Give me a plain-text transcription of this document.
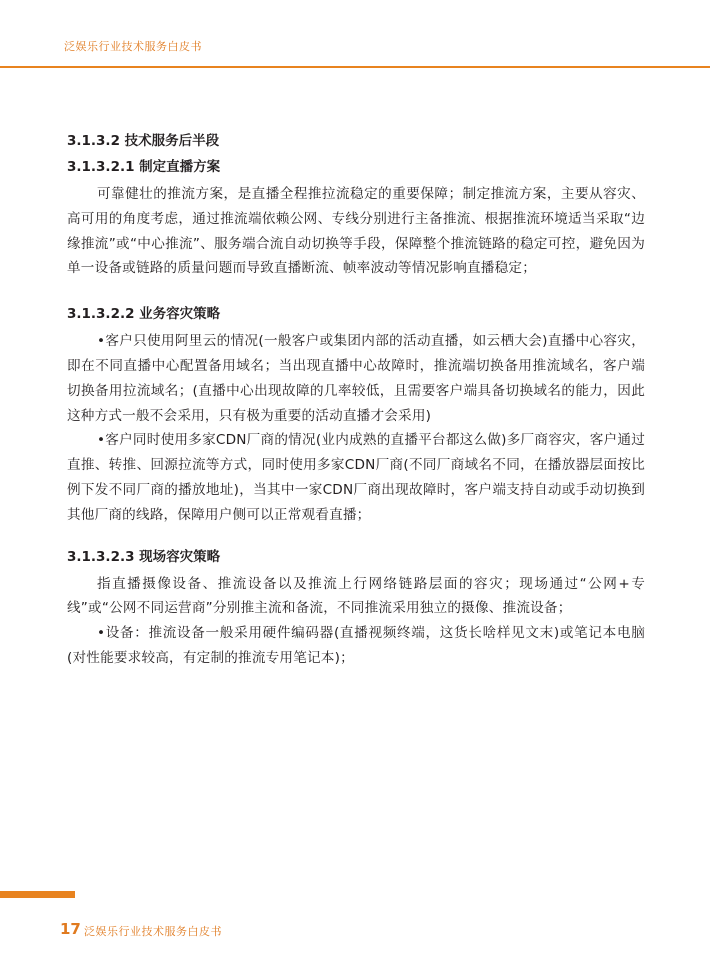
泛娱乐行业技术服务白皮书
3.1.3.2 技术服务后半段
3.1.3.2.1 制定直播方案

可靠健壮的推流方案，是直播全程推拉流稳定的重要保障；制定推流方案，主要从容灾、高可用的角度考虑，通过推流端依赖公网、专线分别进行主备推流、根据推流环境适当采取“边缘推流”或“中心推流”、服务端合流自动切换等手段，保障整个推流链路的稳定可控，避免因为单一设备或链路的质量问题而导致直播断流、帧率波动等情况影响直播稳定；

3.1.3.2.2 业务容灾策略

•客户只使用阿里云的情况(一般客户或集团内部的活动直播，如云栖大会)直播中心容灾，即在不同直播中心配置备用域名；当出现直播中心故障时，推流端切换备用推流域名，客户端切换备用拉流域名；(直播中心出现故障的几率较低，且需要客户端具备切换域名的能力，因此这种方式一般不会采用，只有极为重要的活动直播才会采用)

•客户同时使用多家CDN厂商的情况(业内成熟的直播平台都这么做)多厂商容灾，客户通过直推、转推、回源拉流等方式，同时使用多家CDN厂商(不同厂商域名不同，在播放器层面按比例下发不同厂商的播放地址)，当其中一家CDN厂商出现故障时，客户端支持自动或手动切换到其他厂商的线路，保障用户侧可以正常观看直播；

3.1.3.2.3 现场容灾策略

指直播摄像设备、推流设备以及推流上行网络链路层面的容灾；现场通过“公网+专线”或“公网不同运营商”分别推主流和备流，不同推流采用独立的摄像、推流设备；

•设备：推流设备一般采用硬件编码器(直播视频终端，这货长啥样见文末)或笔记本电脑(对性能要求较高，有定制的推流专用笔记本)；

17 泛娱乐行业技术服务白皮书
